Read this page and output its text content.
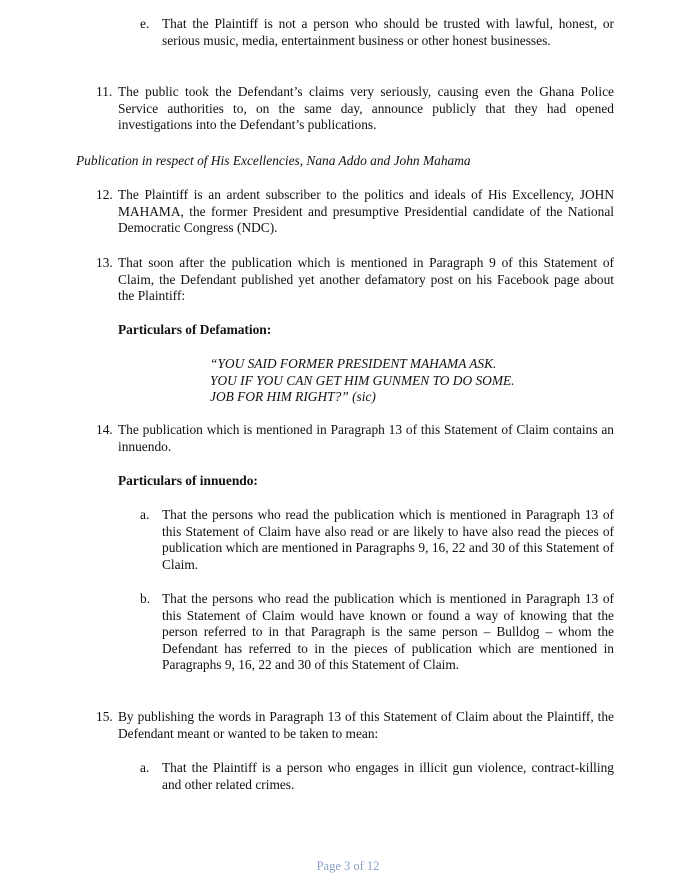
e. That the Plaintiff is not a person who should be trusted with lawful, honest, or serious music, media, entertainment business or other honest businesses.

11. The public took the Defendant’s claims very seriously, causing even the Ghana Police Service authorities to, on the same day, announce publicly that they had opened investigations into the Defendant’s publications.

Publication in respect of His Excellencies, Nana Addo and John Mahama

12. The Plaintiff is an ardent subscriber to the politics and ideals of His Excellency, JOHN MAHAMA, the former President and presumptive Presidential candidate of the National Democratic Congress (NDC).

13. That soon after the publication which is mentioned in Paragraph 9 of this Statement of Claim, the Defendant published yet another defamatory post on his Facebook page about the Plaintiff:

Particulars of Defamation:

“YOU SAID FORMER PRESIDENT MAHAMA ASK.
YOU IF YOU CAN GET HIM GUNMEN TO DO SOME.
JOB FOR HIM RIGHT?” (sic)
14. The publication which is mentioned in Paragraph 13 of this Statement of Claim contains an innuendo.

Particulars of innuendo:

a. That the persons who read the publication which is mentioned in Paragraph 13 of this Statement of Claim have also read or are likely to have also read the pieces of publication which are mentioned in Paragraphs 9, 16, 22 and 30 of this Statement of Claim.

b. That the persons who read the publication which is mentioned in Paragraph 13 of this Statement of Claim would have known or found a way of knowing that the person referred to in that Paragraph is the same person – Bulldog – whom the Defendant has referred to in the pieces of publication which are mentioned in Paragraphs 9, 16, 22 and 30 of this Statement of Claim.

15. By publishing the words in Paragraph 13 of this Statement of Claim about the Plaintiff, the Defendant meant or wanted to be taken to mean:

a. That the Plaintiff is a person who engages in illicit gun violence, contract-killing and other related crimes.

Page 3 of 12
